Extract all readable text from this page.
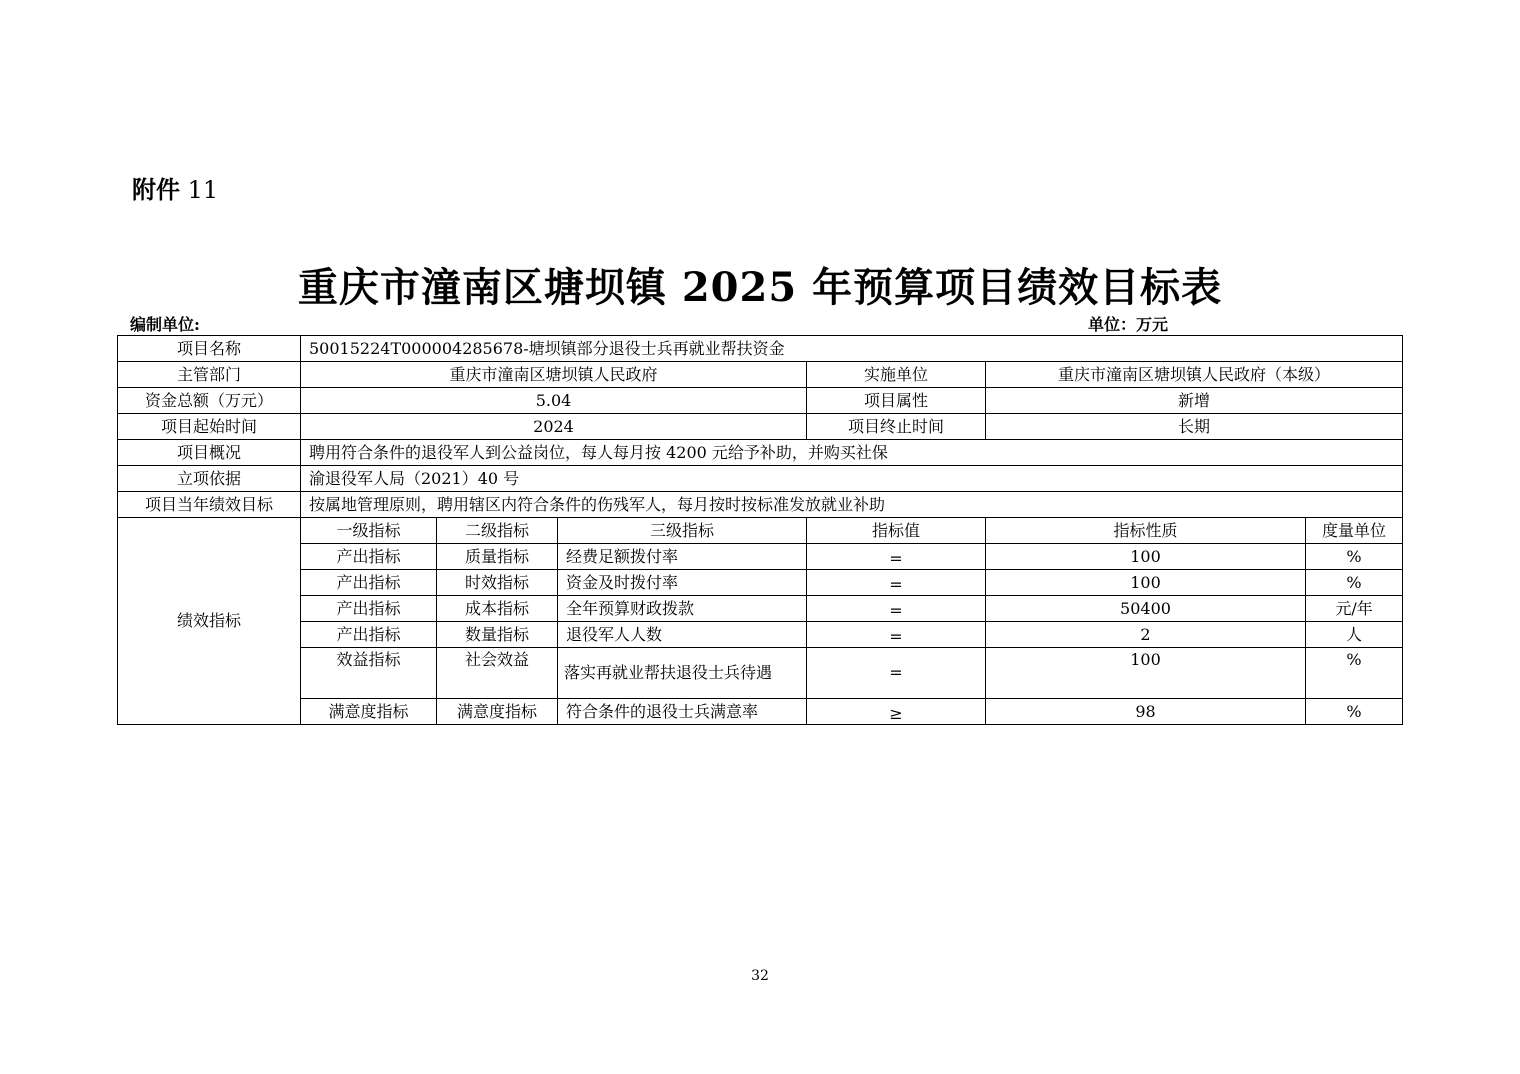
附件 11
重庆市潼南区塘坝镇 2025 年预算项目绩效目标表
编制单位:	单位：万元
项目名称	50015224T000004285678-塘坝镇部分退役士兵再就业帮扶资金					
主管部门	重庆市潼南区塘坝镇人民政府			实施单位	重庆市潼南区塘坝镇人民政府（本级）	
资金总额（万元）	5.04			项目属性	新增	
项目起始时间	2024			项目终止时间	长期	
项目概况	聘用符合条件的退役军人到公益岗位，每人每月按 4200 元给予补助，并购买社保					
立项依据	渝退役军人局（2021）40 号					
项目当年绩效目标	按属地管理原则，聘用辖区内符合条件的伤残军人，每月按时按标准发放就业补助					
绩效指标	一级指标	二级指标	三级指标	指标值	指标性质	度量单位
	产出指标	质量指标	经费足额拨付率	=	100	%
	产出指标	时效指标	资金及时拨付率	=	100	%
	产出指标	成本指标	全年预算财政拨款	=	50400	元/年
	产出指标	数量指标	退役军人人数	=	2	人
	效益指标	社会效益	落实再就业帮扶退役士兵待遇	=	100	%
	满意度指标	满意度指标	符合条件的退役士兵满意率	≥	98	%
32
